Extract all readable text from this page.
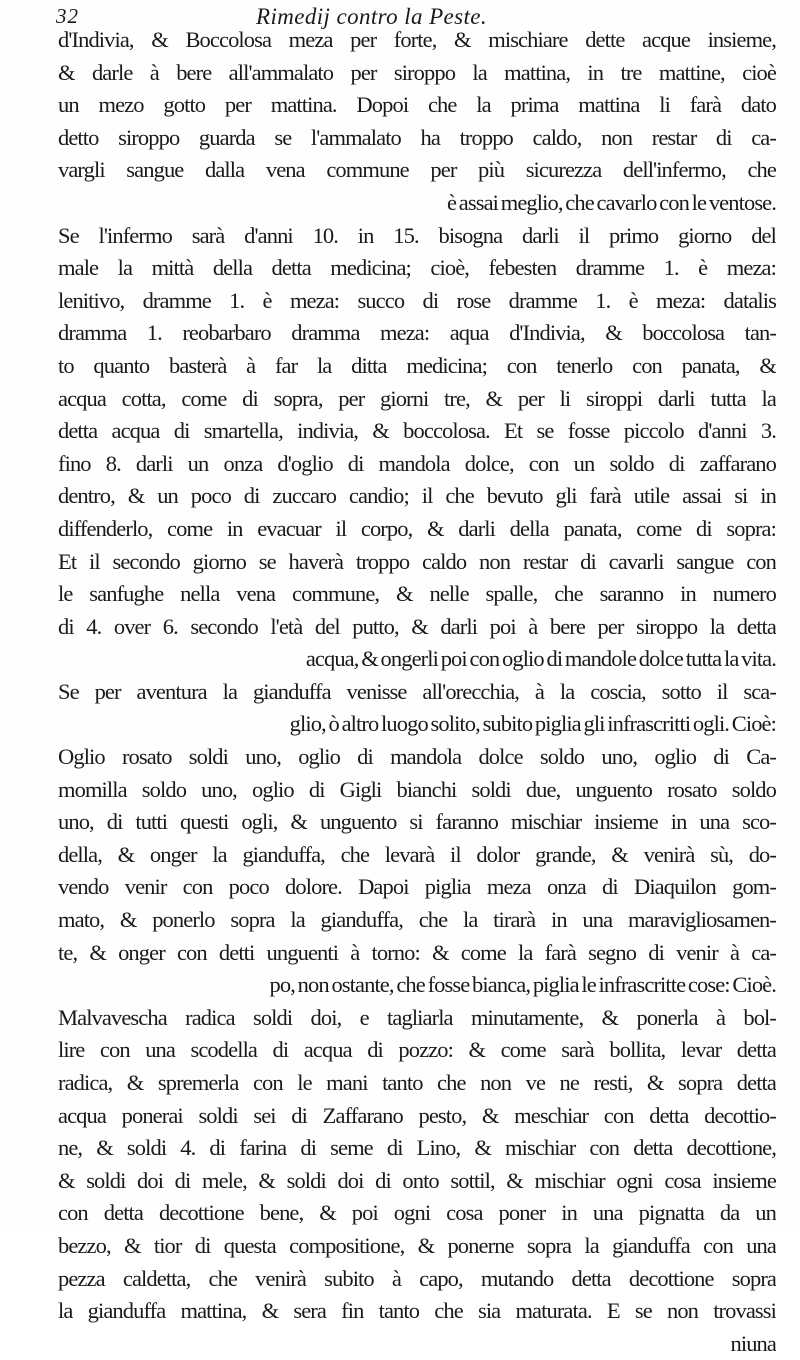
32	Rimedij contro la Peste.
d'Indivia, & Boccolosa meza per forte, & mischiare dette acque insieme,
& darle à bere all'ammalato per siroppo la mattina, in tre mattine, cioè
un mezo gotto per mattina. Dopoi che la prima mattina li farà dato
detto siroppo guarda se l'ammalato ha troppo caldo, non restar di ca-
vargli sangue dalla vena commune per più sicurezza dell'infermo, che
è assai meglio, che cavarlo con le ventose.
Se l'infermo sarà d'anni 10. in 15. bisogna darli il primo giorno del
male la mittà della detta medicina; cioè, febesten dramme 1. è meza:
lenitivo, dramme 1. è meza: succo di rose dramme 1. è meza: datalis
dramma 1. reobarbaro dramma meza: aqua d'Indivia, & boccolosa tan-
to quanto basterà à far la ditta medicina; con tenerlo con panata, &
acqua cotta, come di sopra, per giorni tre, & per li siroppi darli tutta la
detta acqua di smartella, indivia, & boccolosa. Et se fosse piccolo d'anni 3.
fino 8. darli un onza d'oglio di mandola dolce, con un soldo di zaffarano
dentro, & un poco di zuccaro candio; il che bevuto gli farà utile assai si in
diffenderlo, come in evacuar il corpo, & darli della panata, come di sopra:
Et il secondo giorno se haverà troppo caldo non restar di cavarli sangue con
le sanfughe nella vena commune, & nelle spalle, che saranno in numero
di 4. over 6. secondo l'età del putto, & darli poi à bere per siroppo la detta
acqua, & ongerli poi con oglio di mandole dolce tutta la vita.
Se per aventura la gianduffa venisse all'orecchia, à la coscia, sotto il sca-
glio, ò altro luogo solito, subito piglia gli infrascritti ogli. Cioè:
Oglio rosato soldi uno, oglio di mandola dolce soldo uno, oglio di Ca-
momilla soldo uno, oglio di Gigli bianchi soldi due, unguento rosato soldo
uno, di tutti questi ogli, & unguento si faranno mischiar insieme in una sco-
della, & onger la gianduffa, che levarà il dolor grande, & venirà sù, do-
vendo venir con poco dolore. Dapoi piglia meza onza di Diaquilon gom-
mato, & ponerlo sopra la gianduffa, che la tirarà in una maravigliosamen-
te, & onger con detti unguenti à torno: & come la farà segno di venir à ca-
po, non ostante, che fosse bianca, piglia le infrascritte cose: Cioè.
Malvavescha radica soldi doi, e tagliarla minutamente, & ponerla à bol-
lire con una scodella di acqua di pozzo: & come sarà bollita, levar detta
radica, & spremerla con le mani tanto che non ve ne resti, & sopra detta
acqua ponerai soldi sei di Zaffarano pesto, & meschiar con detta decottio-
ne, & soldi 4. di farina di seme di Lino, & mischiar con detta decottione,
& soldi doi di mele, & soldi doi di onto sottil, & mischiar ogni cosa insieme
con detta decottione bene, & poi ogni cosa poner in una pignatta da un
bezzo, & tior di questa compositione, & ponerne sopra la gianduffa con una
pezza caldetta, che venirà subito à capo, mutando detta decottione sopra
la gianduffa mattina, & sera fin tanto che sia maturata. E se non trovassi
niuna
